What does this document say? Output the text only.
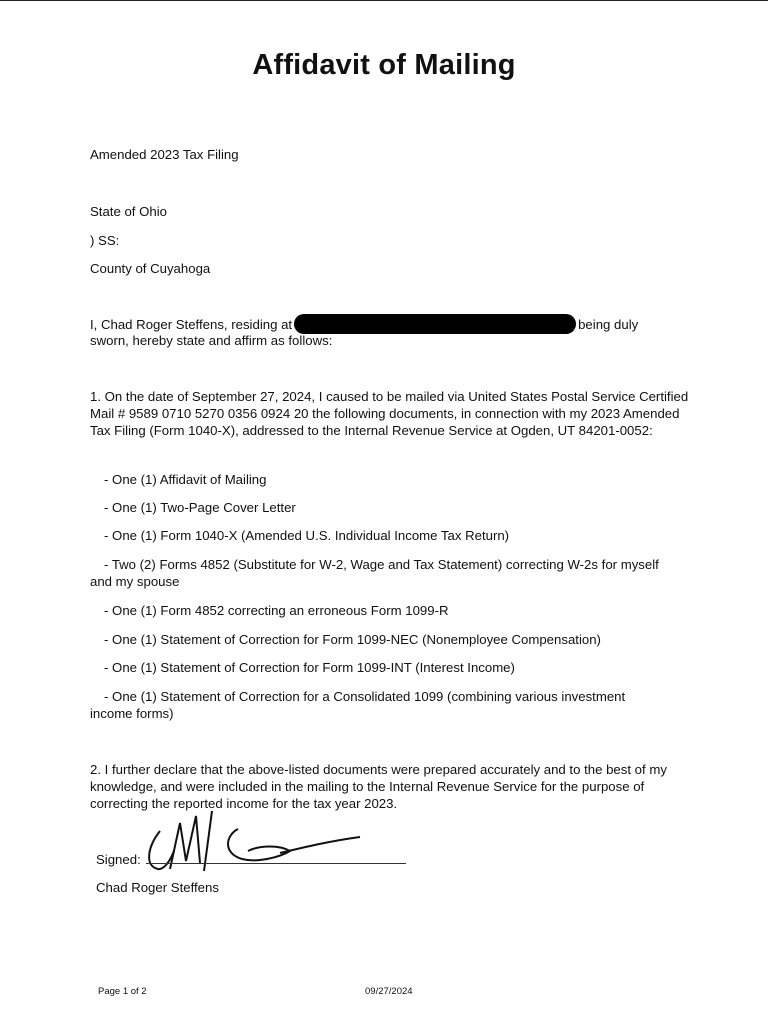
Affidavit of Mailing
Amended 2023 Tax Filing
State of Ohio
) SS:
County of Cuyahoga
I, Chad Roger Steffens, residing at	being duly
sworn, hereby state and affirm as follows:
1. On the date of September 27, 2024, I caused to be mailed via United States Postal Service Certified Mail # 9589 0710 5270 0356 0924 20 the following documents, in connection with my 2023 Amended Tax Filing (Form 1040-X), addressed to the Internal Revenue Service at Ogden, UT 84201-0052:
- One (1) Affidavit of Mailing
- One (1) Two-Page Cover Letter
- One (1) Form 1040-X (Amended U.S. Individual Income Tax Return)
- Two (2) Forms 4852 (Substitute for W-2, Wage and Tax Statement) correcting W-2s for myself and my spouse
- One (1) Form 4852 correcting an erroneous Form 1099-R
- One (1) Statement of Correction for Form 1099-NEC (Nonemployee Compensation)
- One (1) Statement of Correction for Form 1099-INT (Interest Income)
- One (1) Statement of Correction for a Consolidated 1099 (combining various investment income forms)
2. I further declare that the above-listed documents were prepared accurately and to the best of my knowledge, and were included in the mailing to the Internal Revenue Service for the purpose of correcting the reported income for the tax year 2023.
Signed:
Chad Roger Steffens
Page 1 of 2	09/27/2024
